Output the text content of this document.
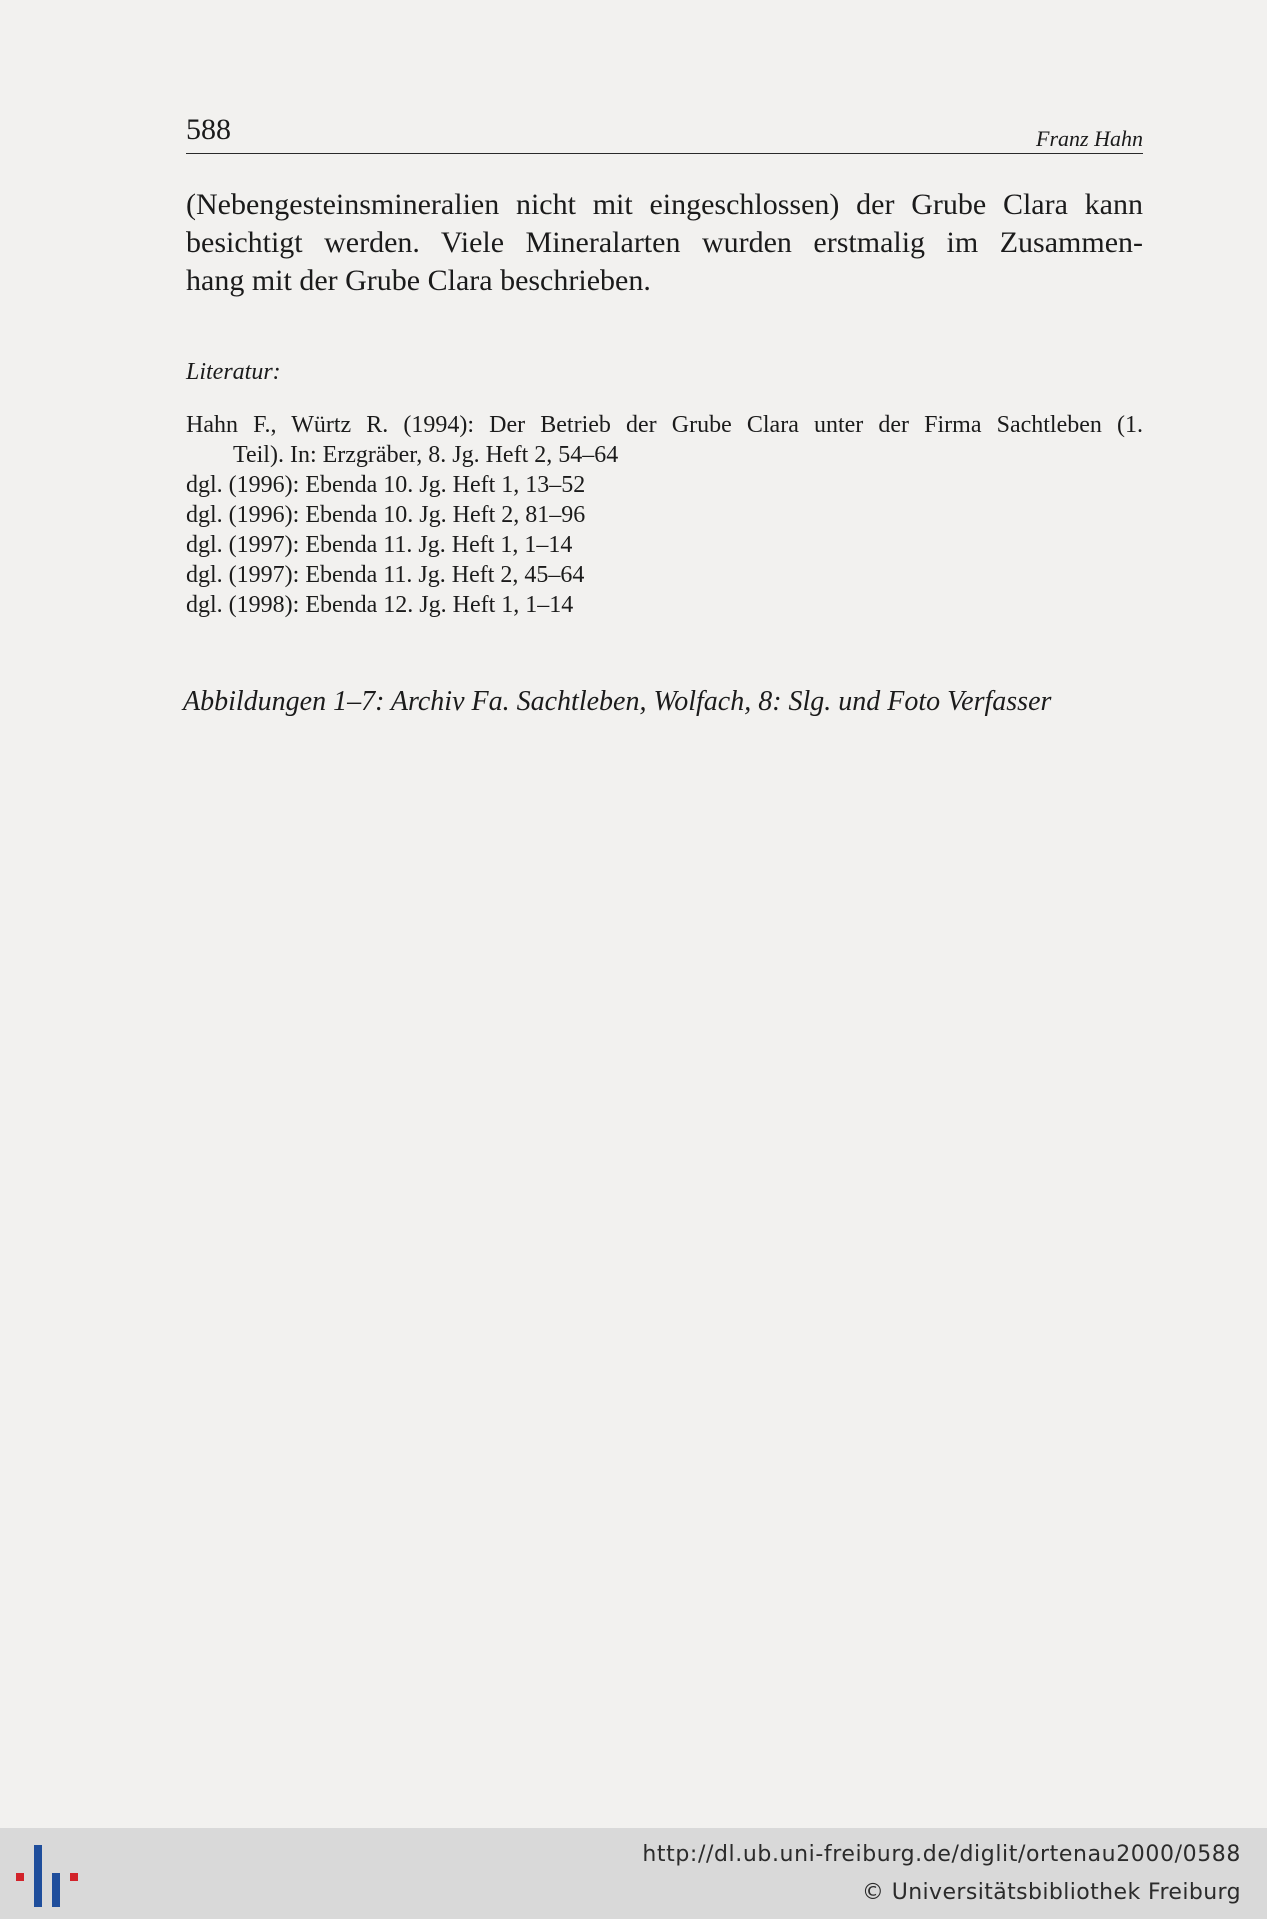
588	Franz Hahn
(Nebengesteinsmineralien nicht mit eingeschlossen) der Grube Clara kann
besichtigt werden. Viele Mineralarten wurden erstmalig im Zusammen-
hang mit der Grube Clara beschrieben.
Literatur:
Hahn F., Würtz R. (1994): Der Betrieb der Grube Clara unter der Firma Sachtleben (1.
Teil). In: Erzgräber, 8. Jg. Heft 2, 54–64
dgl. (1996): Ebenda 10. Jg. Heft 1, 13–52
dgl. (1996): Ebenda 10. Jg. Heft 2, 81–96
dgl. (1997): Ebenda 11. Jg. Heft 1, 1–14
dgl. (1997): Ebenda 11. Jg. Heft 2, 45–64
dgl. (1998): Ebenda 12. Jg. Heft 1, 1–14
Abbildungen 1–7: Archiv Fa. Sachtleben, Wolfach, 8: Slg. und Foto Verfasser
http://dl.ub.uni-freiburg.de/diglit/ortenau2000/0588
© Universitätsbibliothek Freiburg
